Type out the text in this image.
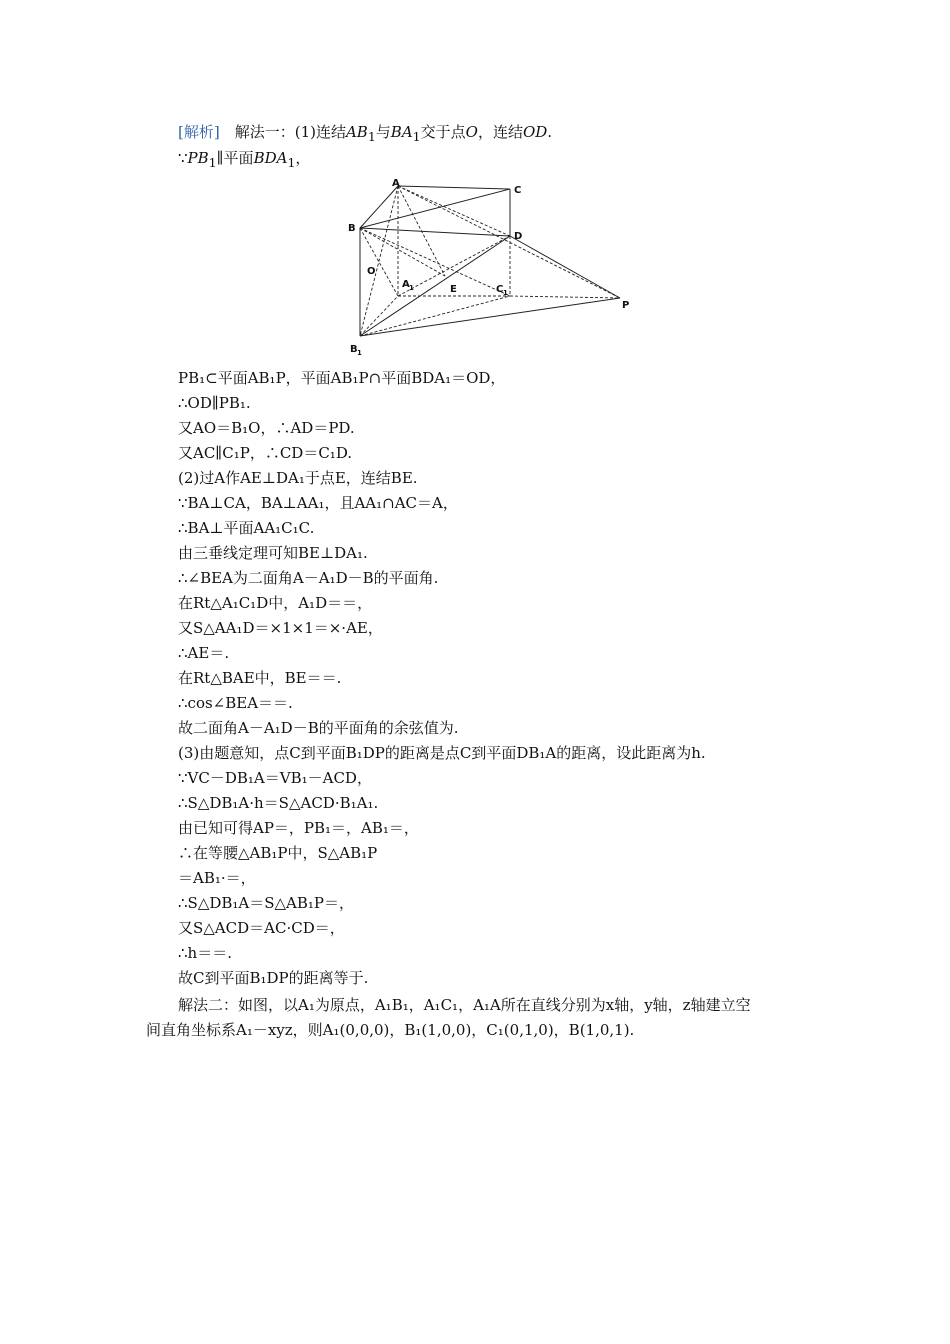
[解析]　解法一：(1)连结$AB_1$与$BA_1$交于点O，连结OD.
$\because PB_1\parallel$平面$BDA_1$，
A
C
B
D
O
A 1	E	C 1
P
B 1
PB₁⊂平面AB₁P，平面AB₁P∩平面BDA₁＝OD，
∴OD∥PB₁.
又AO＝B₁O，∴AD＝PD.
又AC∥C₁P，∴CD＝C₁D.
(2)过A作AE⊥DA₁于点E，连结BE.
∵BA⊥CA，BA⊥AA₁，且AA₁∩AC＝A，
∴BA⊥平面AA₁C₁C.
由三垂线定理可知BE⊥DA₁.
∴∠BEA为二面角A－A₁D－B的平面角.
在Rt△A₁C₁D中，A₁D＝＝，
又S△AA₁D＝×1×1＝×·AE，
∴AE＝.
在Rt△BAE中，BE＝＝.
∴cos∠BEA＝＝.
故二面角A－A₁D－B的平面角的余弦值为.
(3)由题意知，点C到平面B₁DP的距离是点C到平面DB₁A的距离，设此距离为h.
∵VC－DB₁A＝VB₁－ACD，
∴S△DB₁A·h＝S△ACD·B₁A₁.
由已知可得AP＝，PB₁＝，AB₁＝，
∴在等腰△AB₁P中，S△AB₁P
＝AB₁·＝，
∴S△DB₁A＝S△AB₁P＝，
又S△ACD＝AC·CD＝，
∴h＝＝.
故C到平面B₁DP的距离等于.
解法二：如图，以A₁为原点，A₁B₁，A₁C₁，A₁A所在直线分别为x轴，y轴，z轴建立空
间直角坐标系A₁－xyz，则A₁(0,0,0)，B₁(1,0,0)，C₁(0,1,0)，B(1,0,1).
